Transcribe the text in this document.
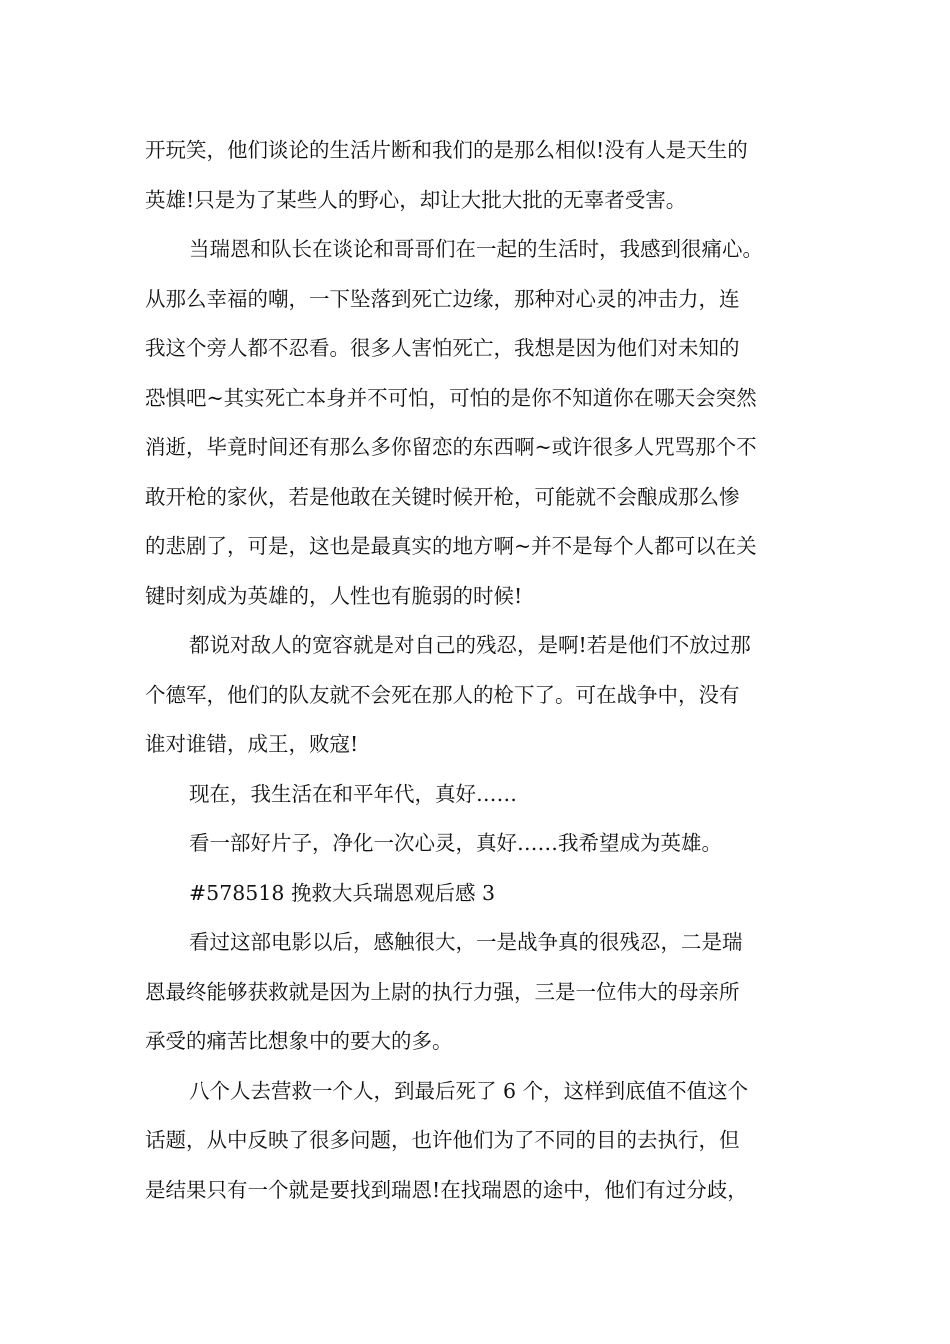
开玩笑，他们谈论的生活片断和我们的是那么相似!没有人是天生的
英雄!只是为了某些人的野心，却让大批大批的无辜者受害。
当瑞恩和队长在谈论和哥哥们在一起的生活时，我感到很痛心。
从那么幸福的嘲，一下坠落到死亡边缘，那种对心灵的冲击力，连
我这个旁人都不忍看。很多人害怕死亡，我想是因为他们对未知的
恐惧吧~其实死亡本身并不可怕，可怕的是你不知道你在哪天会突然
消逝，毕竟时间还有那么多你留恋的东西啊~或许很多人咒骂那个不
敢开枪的家伙，若是他敢在关键时候开枪，可能就不会酿成那么惨
的悲剧了，可是，这也是最真实的地方啊~并不是每个人都可以在关
键时刻成为英雄的，人性也有脆弱的时候!
都说对敌人的宽容就是对自己的残忍，是啊!若是他们不放过那
个德军，他们的队友就不会死在那人的枪下了。可在战争中，没有
谁对谁错，成王，败寇!
现在，我生活在和平年代，真好……
看一部好片子，净化一次心灵，真好……我希望成为英雄。
#578518 挽救大兵瑞恩观后感 3
看过这部电影以后，感触很大，一是战争真的很残忍，二是瑞
恩最终能够获救就是因为上尉的执行力强，三是一位伟大的母亲所
承受的痛苦比想象中的要大的多。
八个人去营救一个人，到最后死了 6 个，这样到底值不值这个
话题，从中反映了很多问题，也许他们为了不同的目的去执行，但
是结果只有一个就是要找到瑞恩!在找瑞恩的途中，他们有过分歧，
